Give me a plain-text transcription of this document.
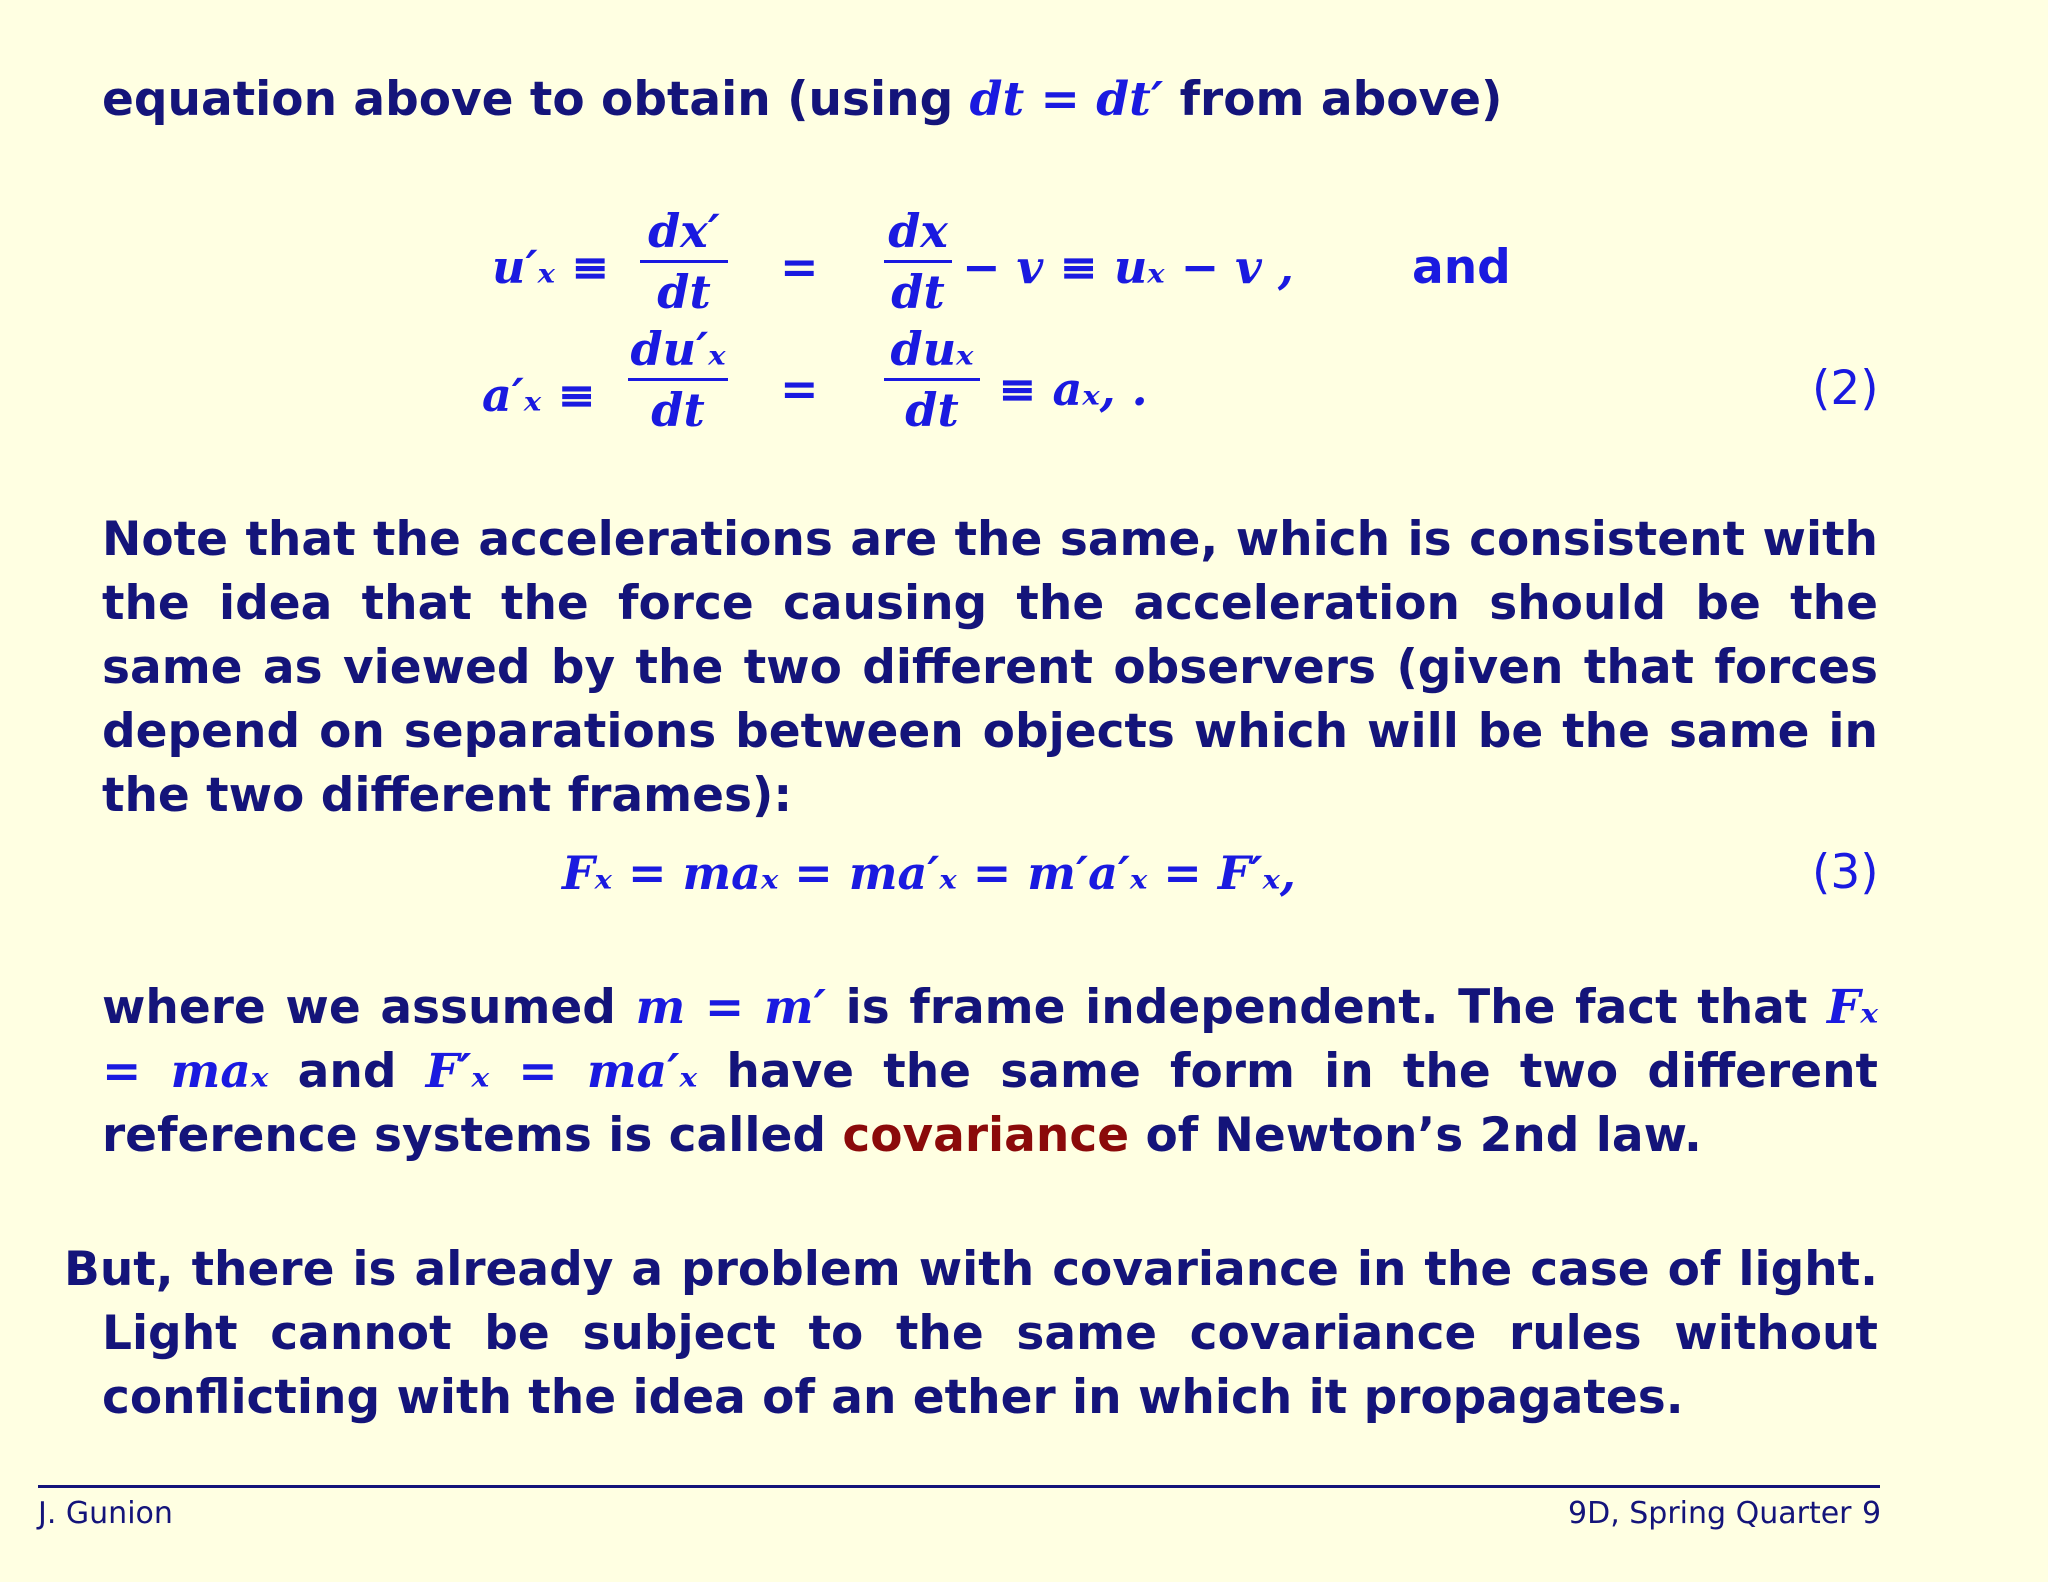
equation above to obtain (using dt = dt′ from above)
u′ₓ ≡
dx′
dt	=
dx
dt − v ≡ uₓ − v ,	and
a′ₓ ≡
du′ₓ
dt	=
duₓ
dt ≡ aₓ, .	(2)
Note that the accelerations are the same, which is consistent with the idea that the force causing the acceleration should be the same as viewed by the two different observers (given that forces depend on separations between objects which will be the same in the two different frames):
Fₓ = maₓ = ma′ₓ = m′a′ₓ = F′ₓ,	(3)
where we assumed m = m′ is frame independent. The fact that Fₓ = maₓ and F′ₓ = ma′ₓ have the same form in the two different reference systems is called covariance of Newton’s 2nd law.
But, there is already a problem with covariance in the case of light. Light cannot be subject to the same covariance rules without conflicting with the idea of an ether in which it propagates.
J. Gunion	9D, Spring Quarter 9
